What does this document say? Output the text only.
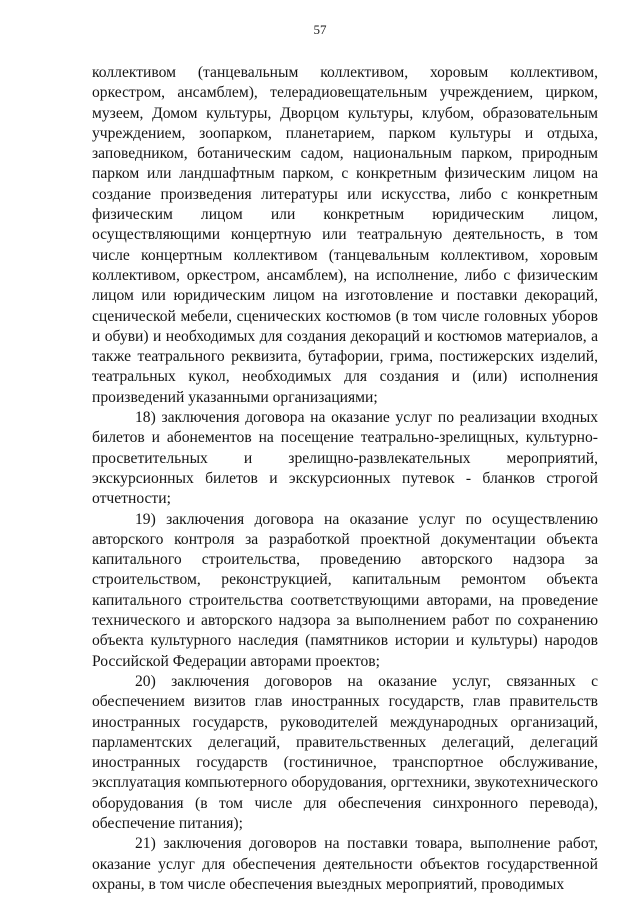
57

коллективом (танцевальным коллективом, хоровым коллективом, оркестром, ансамблем), телерадиовещательным учреждением, цирком, музеем, Домом культуры, Дворцом культуры, клубом, образовательным учреждением, зоопарком, планетарием, парком культуры и отдыха, заповедником, ботаническим садом, национальным парком, природным парком или ландшафтным парком, с конкретным физическим лицом на создание произведения литературы или искусства, либо с конкретным физическим лицом или конкретным юридическим лицом, осуществляющими концертную или театральную деятельность, в том числе концертным коллективом (танцевальным коллективом, хоровым коллективом, оркестром, ансамблем), на исполнение, либо с физическим лицом или юридическим лицом на изготовление и поставки декораций, сценической мебели, сценических костюмов (в том числе головных уборов и обуви) и необходимых для создания декораций и костюмов материалов, а также театрального реквизита, бутафории, грима, постижерских изделий, театральных кукол, необходимых для создания и (или) исполнения произведений указанными организациями;

18) заключения договора на оказание услуг по реализации входных билетов и абонементов на посещение театрально-зрелищных, культурно-просветительных и зрелищно-развлекательных мероприятий, экскурсионных билетов и экскурсионных путевок - бланков строгой отчетности;

19) заключения договора на оказание услуг по осуществлению авторского контроля за разработкой проектной документации объекта капитального строительства, проведению авторского надзора за строительством, реконструкцией, капитальным ремонтом объекта капитального строительства соответствующими авторами, на проведение технического и авторского надзора за выполнением работ по сохранению объекта культурного наследия (памятников истории и культуры) народов Российской Федерации авторами проектов;

20) заключения договоров на оказание услуг, связанных с обеспечением визитов глав иностранных государств, глав правительств иностранных государств, руководителей международных организаций, парламентских делегаций, правительственных делегаций, делегаций иностранных государств (гостиничное, транспортное обслуживание, эксплуатация компьютерного оборудования, оргтехники, звукотехнического оборудования (в том числе для обеспечения синхронного перевода), обеспечение питания);

21) заключения договоров на поставки товара, выполнение работ, оказание услуг для обеспечения деятельности объектов государственной охраны, в том числе обеспечения выездных мероприятий, проводимых
